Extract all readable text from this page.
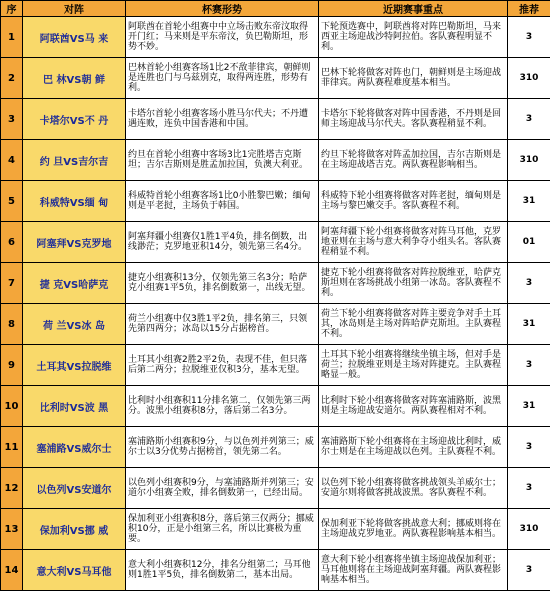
序	对阵	杯赛形势	近期赛事重点	推荐
1	阿联酋VS马 来	阿联酋在首轮小组赛中中立场击败东帝汶取得开门红；马来则是平东帝汶，负巴勒斯坦，形势不妙。	下轮预选赛中，阿联酋将对阵巴勒斯坦，马来西亚主场迎战沙特阿拉伯。客队赛程明显不利。	3
2	巴 林VS朝 鲜	巴林首轮小组赛客场1比2不敌菲律宾，朝鲜则是连胜也门与乌兹别克，取得两连胜，形势有利。	巴林下轮将做客对阵也门，朝鲜则是主场迎战菲律宾。两队赛程难度基本相当。	310
3	卡塔尔VS不 丹	卡塔尔首轮小组赛客场小胜马尔代夫；不丹遭遇连败，连负中国香港和中国。	卡塔尔下轮将做客对阵中国香港，不丹则是回师主场迎战马尔代夫。客队赛程稍显不利。	3
4	约 旦VS吉尔吉	约旦在首轮小组赛中客场3比1完胜塔吉克斯坦；吉尔吉斯则是胜孟加拉国，负澳大利亚。	约旦下轮将做客对阵孟加拉国，吉尔吉斯则是在主场迎战塔吉克。两队赛程影响相当。	310
5	科威特VS缅 甸	科威特首轮小组赛客场1比0小胜黎巴嫩；缅甸则是平老挝，主场负于韩国。	科威特下轮小组赛将做客对阵老挝，缅甸则是主场与黎巴嫩交手。客队赛程不利。	31
6	阿塞拜VS克罗地	阿塞拜疆小组赛仅1胜1平4负，排名倒数，出线渺茫；克罗地亚积14分，领先第三名4分。	阿塞拜疆下轮小组赛将做客对阵马耳他，克罗地亚则在主场与意大利争夺小组头名。客队赛程稍显不利。	01
7	捷 克VS哈萨克	捷克小组赛积13分，仅领先第三名3分；哈萨克小组赛1平5负，排名倒数第一，出线无望。	捷克下轮小组赛将做客对阵拉脱维亚，哈萨克斯坦则在客场挑战小组第一冰岛。客队赛程不利。	3
8	荷 兰VS冰 岛	荷兰小组赛中仅3胜1平2负，排名第三，只领先第四两分；冰岛以15分占据榜首。	荷兰下轮小组赛将做客对阵主要竞争对手土耳其，冰岛则是主场对阵哈萨克斯坦。主队赛程不利。	31
9	土耳其VS拉脱维	土耳其小组赛2胜2平2负，表现不佳，但只落后第二两分；拉脱维亚仅积3分，基本无望。	土耳其下轮小组赛将继续坐镇主场，但对手是荷兰；拉脱维亚则是主场对阵捷克。主队赛程略显一般。	3
10	比利时VS波 黑	比利时小组赛积11分排名第二，仅领先第三两分。波黑小组赛积8分，落后第二名3分。	比利时下轮小组赛将做客对阵塞浦路斯，波黑则是主场迎战安道尔。两队赛程相对不利。	31
11	塞浦路VS威尔士	塞浦路斯小组赛积9分，与以色列并列第三；威尔士以3分优势占据榜首，领先第二名。	塞浦路斯下轮小组赛将在主场迎战比利时，威尔士则是在主场迎战以色列。主队赛程不利。	3
12	以色列VS安道尔	以色列小组赛积9分，与塞浦路斯并列第三；安道尔小组赛全败，排名倒数第一，已经出局。	以色列下轮小组赛将做客挑战领头羊威尔士；安道尔则将做客挑战波黑。客队赛程不利。	3
13	保加利VS挪 威	保加利亚小组赛积8分，落后第三仅两分；挪威积10分，正是小组第三名，所以比赛极为重要。	保加利亚下轮将做客挑战意大利；挪威则将在主场迎战克罗地亚。两队赛程影响基本相当。	310
14	意大利VS马耳他	意大利小组赛积12分，排名分组第二；马耳他则1胜1平5负，排名倒数第二，基本出局。	意大利下轮小组赛将坐镇主场迎战保加利亚；马耳他则将在主场迎战阿塞拜疆。两队赛程影响基本相当。	3
